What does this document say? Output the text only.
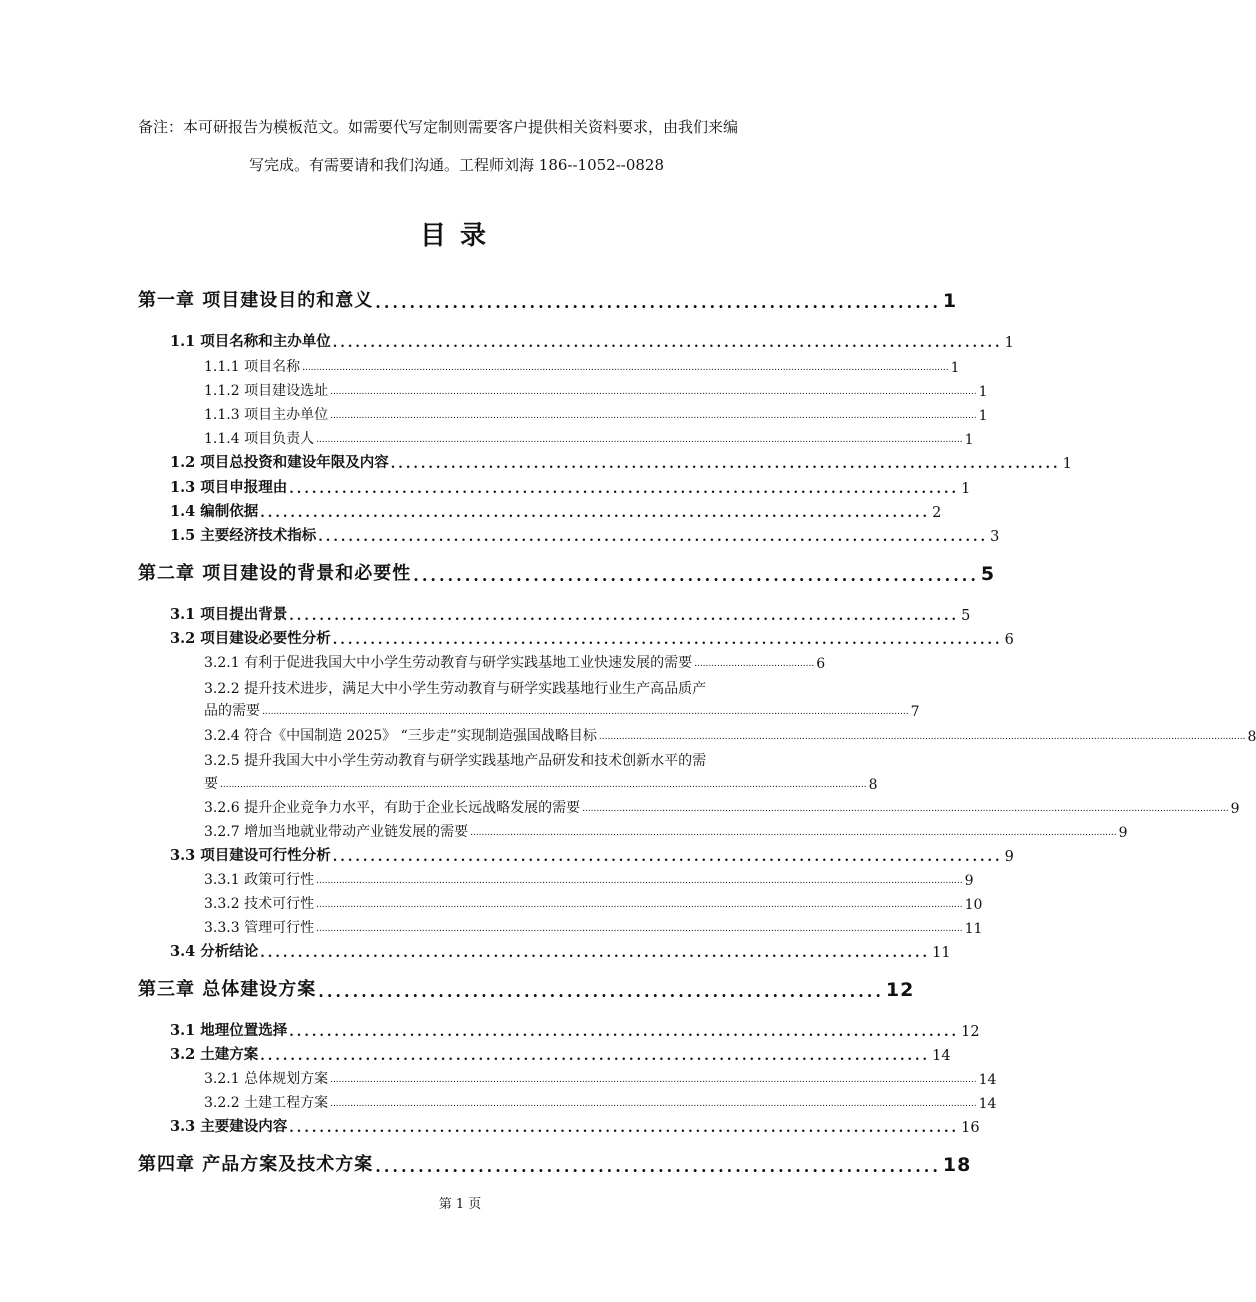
备注：本可研报告为模板范文。如需要代写定制则需要客户提供相关资料要求，由我们来编
写完成。有需要请和我们沟通。工程师刘海 186--1052--0828
目录
第一章 项目建设目的和意义 .................................................................. 1
1.1 项目名称和主办单位 ......................................................................................... 1
1.1.1 项目名称 .................................................................................................................................................................................................................................. 1
1.1.2 项目建设选址 .................................................................................................................................................................................................................................. 1
1.1.3 项目主办单位 .................................................................................................................................................................................................................................. 1
1.1.4 项目负责人 .................................................................................................................................................................................................................................. 1
1.2 项目总投资和建设年限及内容 ......................................................................................... 1
1.3 项目申报理由 ......................................................................................... 1
1.4 编制依据 ......................................................................................... 2
1.5 主要经济技术指标 ......................................................................................... 3
第二章 项目建设的背景和必要性 .................................................................. 5
3.1 项目提出背景 ......................................................................................... 5
3.2 项目建设必要性分析 ......................................................................................... 6
3.2.1 有利于促进我国大中小学生劳动教育与研学实践基地工业快速发展的需要 .......................................... 6
3.2.2 提升技术进步，满足大中小学生劳动教育与研学实践基地行业生产高品质产
品的需要 .................................................................................................................................................................................................................................. 7
3.2.4 符合《中国制造 2025》 “三步走”实现制造强国战略目标 .................................................................................................................................................................................................................................. 8
3.2.5 提升我国大中小学生劳动教育与研学实践基地产品研发和技术创新水平的需
要 .................................................................................................................................................................................................................................. 8
3.2.6 提升企业竞争力水平，有助于企业长远战略发展的需要 .................................................................................................................................................................................................................................. 9
3.2.7 增加当地就业带动产业链发展的需要 .................................................................................................................................................................................................................................. 9
3.3 项目建设可行性分析 ......................................................................................... 9
3.3.1 政策可行性 .................................................................................................................................................................................................................................. 9
3.3.2 技术可行性 .................................................................................................................................................................................................................................. 10
3.3.3 管理可行性 .................................................................................................................................................................................................................................. 11
3.4 分析结论 ......................................................................................... 11
第三章 总体建设方案 .................................................................. 12
3.1 地理位置选择 ......................................................................................... 12
3.2 土建方案 ......................................................................................... 14
3.2.1 总体规划方案 .................................................................................................................................................................................................................................. 14
3.2.2 土建工程方案 .................................................................................................................................................................................................................................. 14
3.3 主要建设内容 ......................................................................................... 16
第四章 产品方案及技术方案 .................................................................. 18
第 1 页
